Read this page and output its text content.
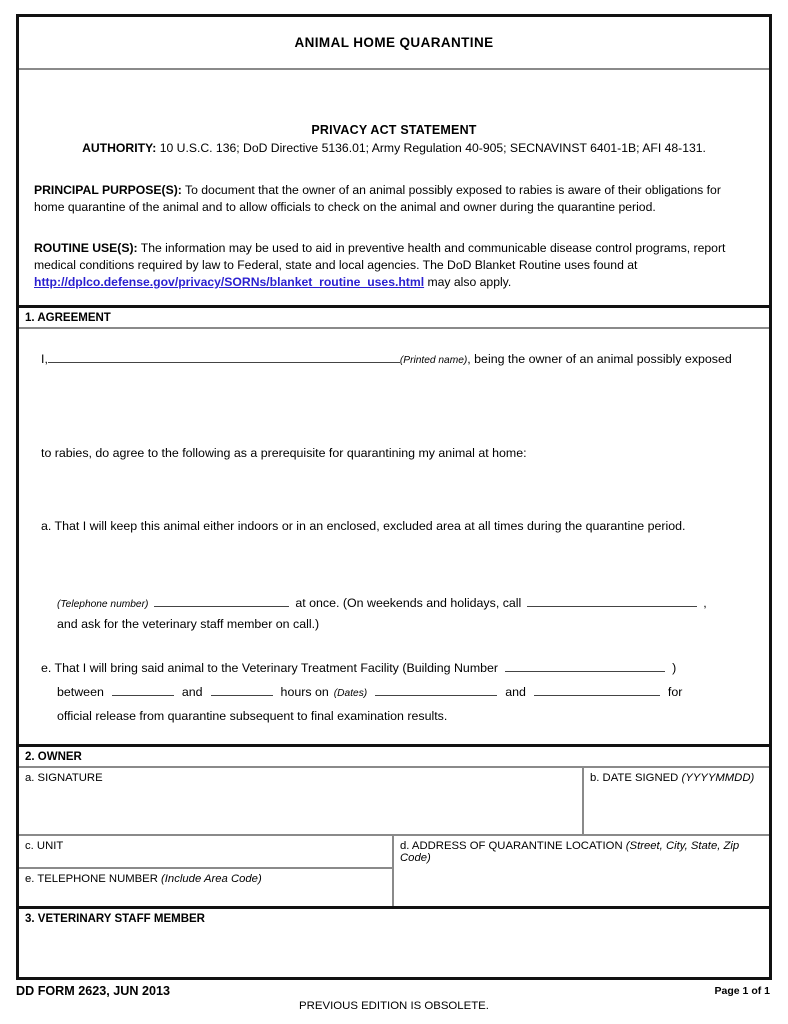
ANIMAL HOME QUARANTINE
PRIVACY ACT STATEMENT
AUTHORITY: 10 U.S.C. 136; DoD Directive 5136.01; Army Regulation 40-905; SECNAVINST 6401-1B; AFI 48-131.
PRINCIPAL PURPOSE(S): To document that the owner of an animal possibly exposed to rabies is aware of their obligations for home quarantine of the animal and to allow officials to check on the animal and owner during the quarantine period.
ROUTINE USE(S): The information may be used to aid in preventive health and communicable disease control programs, report medical conditions required by law to Federal, state and local agencies. The DoD Blanket Routine uses found at http://dplco.defense.gov/privacy/SORNs/blanket_routine_uses.html may also apply.
1. AGREEMENT
I,	(Printed name) , being the owner of an animal possibly exposed
to rabies, do agree to the following as a prerequisite for quarantining my animal at home:
a. That I will keep this animal either indoors or in an enclosed, excluded area at all times during the quarantine period.
(Telephone number)	at once. (On weekends and holidays, call	,
and ask for the veterinary staff member on call.)
e. That I will bring said animal to the Veterinary Treatment Facility (Building Number	)
between	and	hours on (Dates)	and	for
official release from quarantine subsequent to final examination results.
2. OWNER
a. SIGNATURE	b. DATE SIGNED (YYYYMMDD)
c. UNIT	d. ADDRESS OF QUARANTINE LOCATION (Street, City, State, Zip Code)
e. TELEPHONE NUMBER (Include Area Code)
3. VETERINARY STAFF MEMBER
DD FORM 2623, JUN 2013
PREVIOUS EDITION IS OBSOLETE.
Page 1 of 1
